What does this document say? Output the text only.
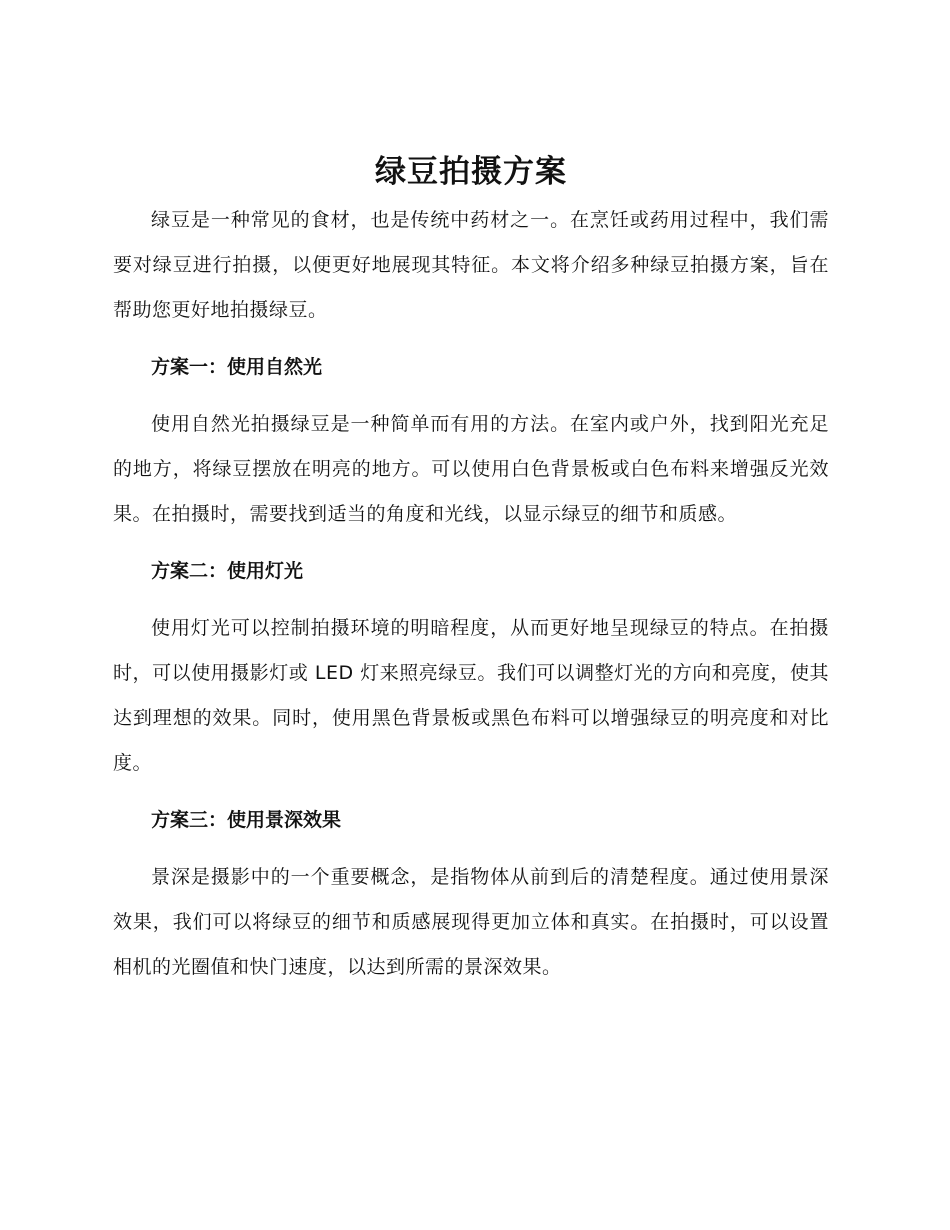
绿豆拍摄方案

绿豆是一种常见的食材，也是传统中药材之一。在烹饪或药用过程中，我们需要对绿豆进行拍摄，以便更好地展现其特征。本文将介绍多种绿豆拍摄方案，旨在帮助您更好地拍摄绿豆。

方案一：使用自然光

使用自然光拍摄绿豆是一种简单而有用的方法。在室内或户外，找到阳光充足的地方，将绿豆摆放在明亮的地方。可以使用白色背景板或白色布料来增强反光效果。在拍摄时，需要找到适当的角度和光线，以显示绿豆的细节和质感。

方案二：使用灯光

使用灯光可以控制拍摄环境的明暗程度，从而更好地呈现绿豆的特点。在拍摄时，可以使用摄影灯或 LED 灯来照亮绿豆。我们可以调整灯光的方向和亮度，使其达到理想的效果。同时，使用黑色背景板或黑色布料可以增强绿豆的明亮度和对比度。

方案三：使用景深效果

景深是摄影中的一个重要概念，是指物体从前到后的清楚程度。通过使用景深效果，我们可以将绿豆的细节和质感展现得更加立体和真实。在拍摄时，可以设置相机的光圈值和快门速度，以达到所需的景深效果。
